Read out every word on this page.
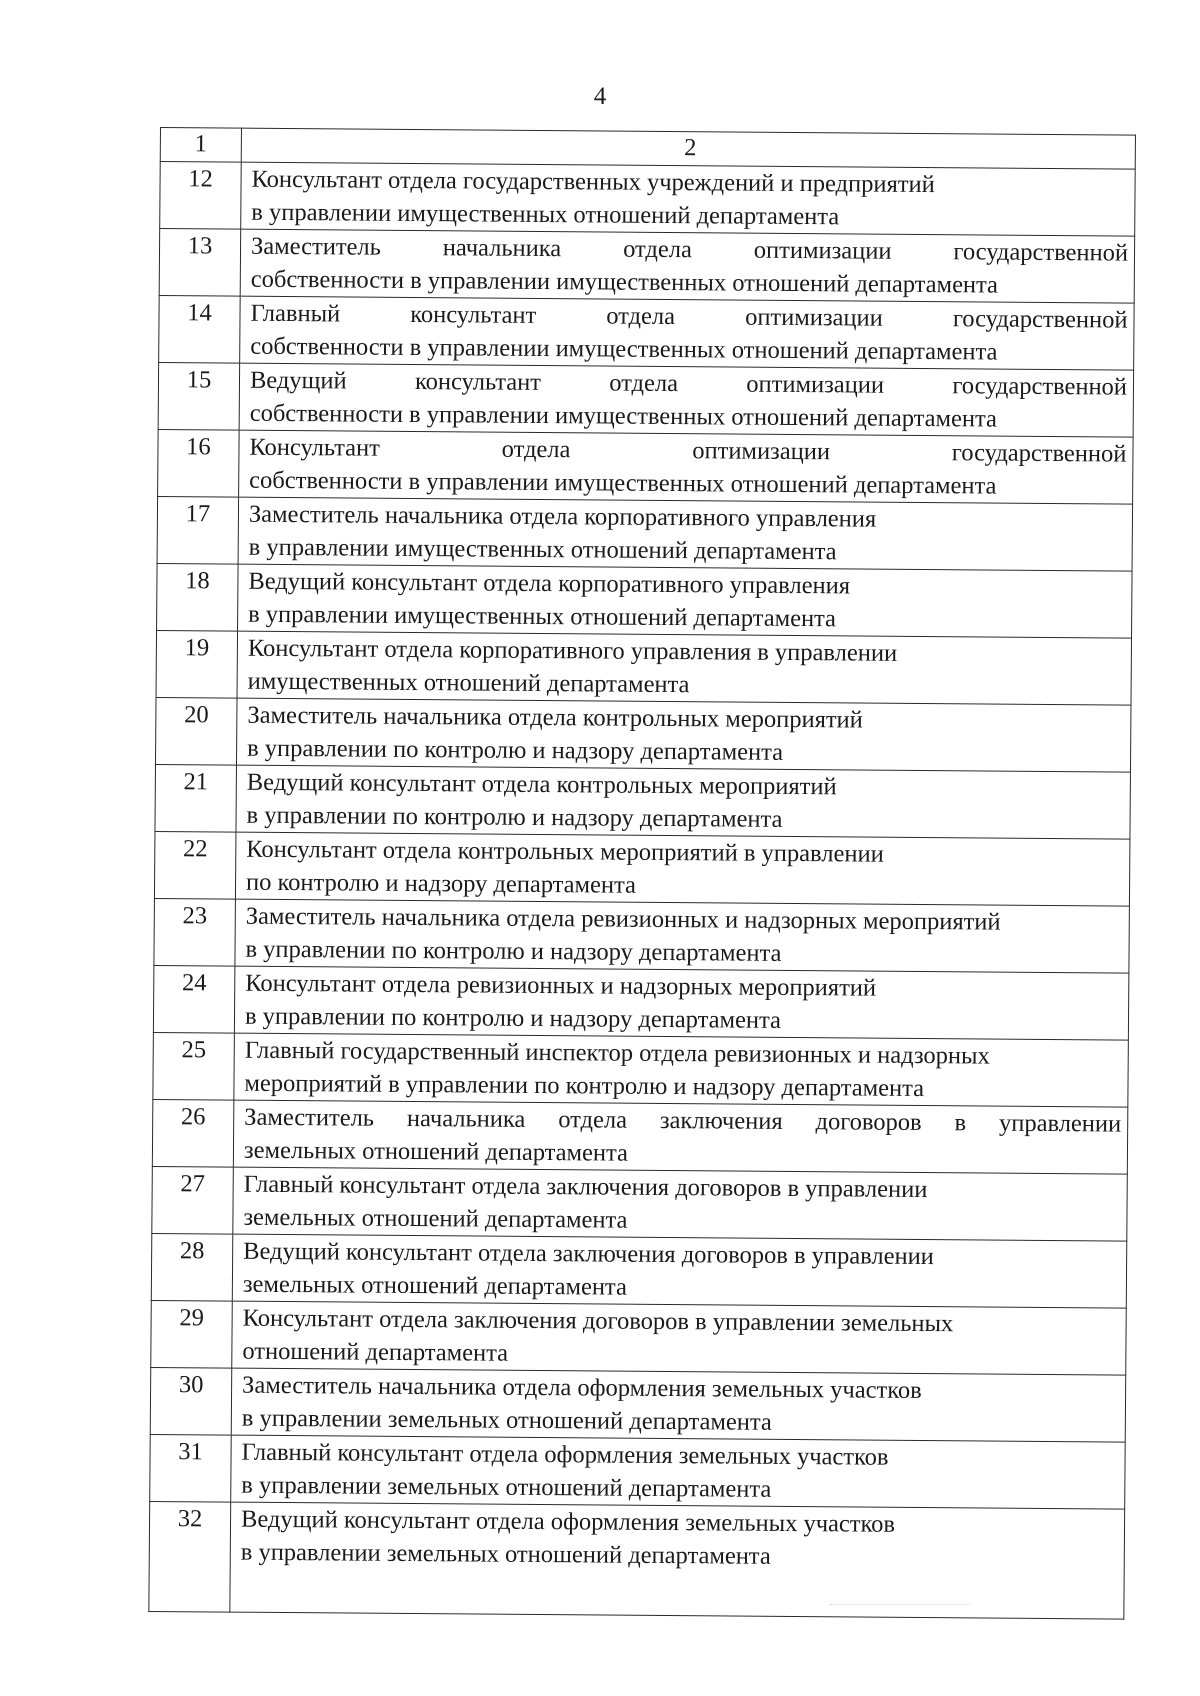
4
1	2

12	Консультант отдела государственных учреждений и предприятий
в управлении имущественных отношений департамента

13	Заместитель начальника отдела оптимизации государственной
собственности в управлении имущественных отношений департамента

14	Главный консультант отдела оптимизации государственной
собственности в управлении имущественных отношений департамента

15	Ведущий консультант отдела оптимизации государственной
собственности в управлении имущественных отношений департамента

16	Консультант отдела оптимизации государственной
собственности в управлении имущественных отношений департамента

17	Заместитель начальника отдела корпоративного управления
в управлении имущественных отношений департамента

18	Ведущий консультант отдела корпоративного управления
в управлении имущественных отношений департамента

19	Консультант отдела корпоративного управления в управлении
имущественных отношений департамента

20	Заместитель начальника отдела контрольных мероприятий
в управлении по контролю и надзору департамента

21	Ведущий консультант отдела контрольных мероприятий
в управлении по контролю и надзору департамента

22	Консультант отдела контрольных мероприятий в управлении
по контролю и надзору департамента

23	Заместитель начальника отдела ревизионных и надзорных мероприятий
в управлении по контролю и надзору департамента

24	Консультант отдела ревизионных и надзорных мероприятий
в управлении по контролю и надзору департамента

25	Главный государственный инспектор отдела ревизионных и надзорных
мероприятий в управлении по контролю и надзору департамента

26	Заместитель начальника отдела заключения договоров в управлении
земельных отношений департамента

27	Главный консультант отдела заключения договоров в управлении
земельных отношений департамента

28	Ведущий консультант отдела заключения договоров в управлении
земельных отношений департамента

29	Консультант отдела заключения договоров в управлении земельных
отношений департамента

30	Заместитель начальника отдела оформления земельных участков
в управлении земельных отношений департамента

31	Главный консультант отдела оформления земельных участков
в управлении земельных отношений департамента

32	Ведущий консультант отдела оформления земельных участков
в управлении земельных отношений департамента
